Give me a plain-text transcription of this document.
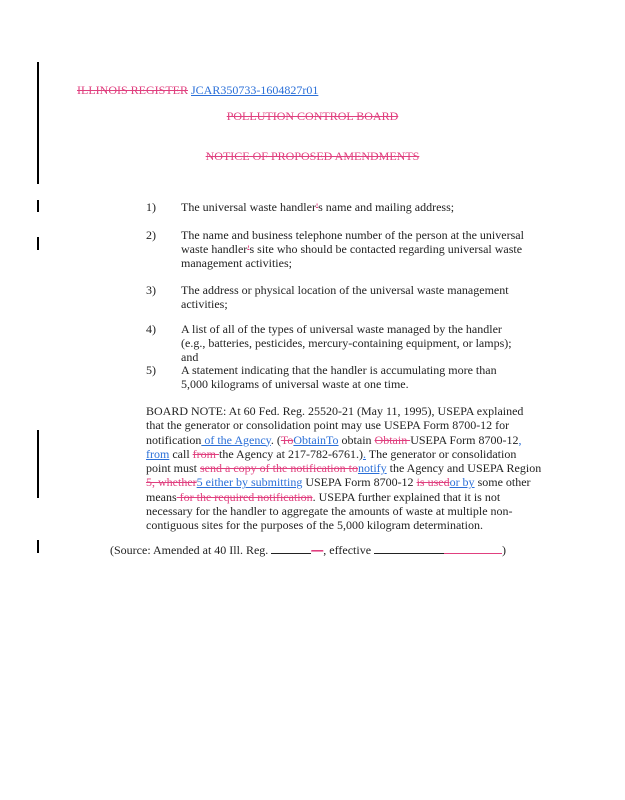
ILLINOIS REGISTER JCAR350733-1604827r01
POLLUTION CONTROL BOARD
NOTICE OF PROPOSED AMENDMENTS
1) The universal waste handler's name and mailing address;
2) The name and business telephone number of the person at the universal waste handler's site who should be contacted regarding universal waste management activities;
3) The address or physical location of the universal waste management activities;
4) A list of all of the types of universal waste managed by the handler (e.g., batteries, pesticides, mercury-containing equipment, or lamps); and
5) A statement indicating that the handler is accumulating more than 5,000 kilograms of universal waste at one time.
BOARD NOTE: At 60 Fed. Reg. 25520-21 (May 11, 1995), USEPA explained that the generator or consolidation point may use USEPA Form 8700-12 for notification of the Agency. (ToObtainTo obtain Obtain USEPA Form 8700-12, from call from the Agency at 217-782-6761.). The generator or consolidation point must send a copy of the notification tonotify the Agency and USEPA Region 5, whether5 either by submitting USEPA Form 8700-12 is usedor by some other means for the required notification. USEPA further explained that it is not necessary for the handler to aggregate the amounts of waste at multiple non-contiguous sites for the purposes of the 5,000 kilogram determination.
(Source: Amended at 40 Ill. Reg.	—, effective	)
